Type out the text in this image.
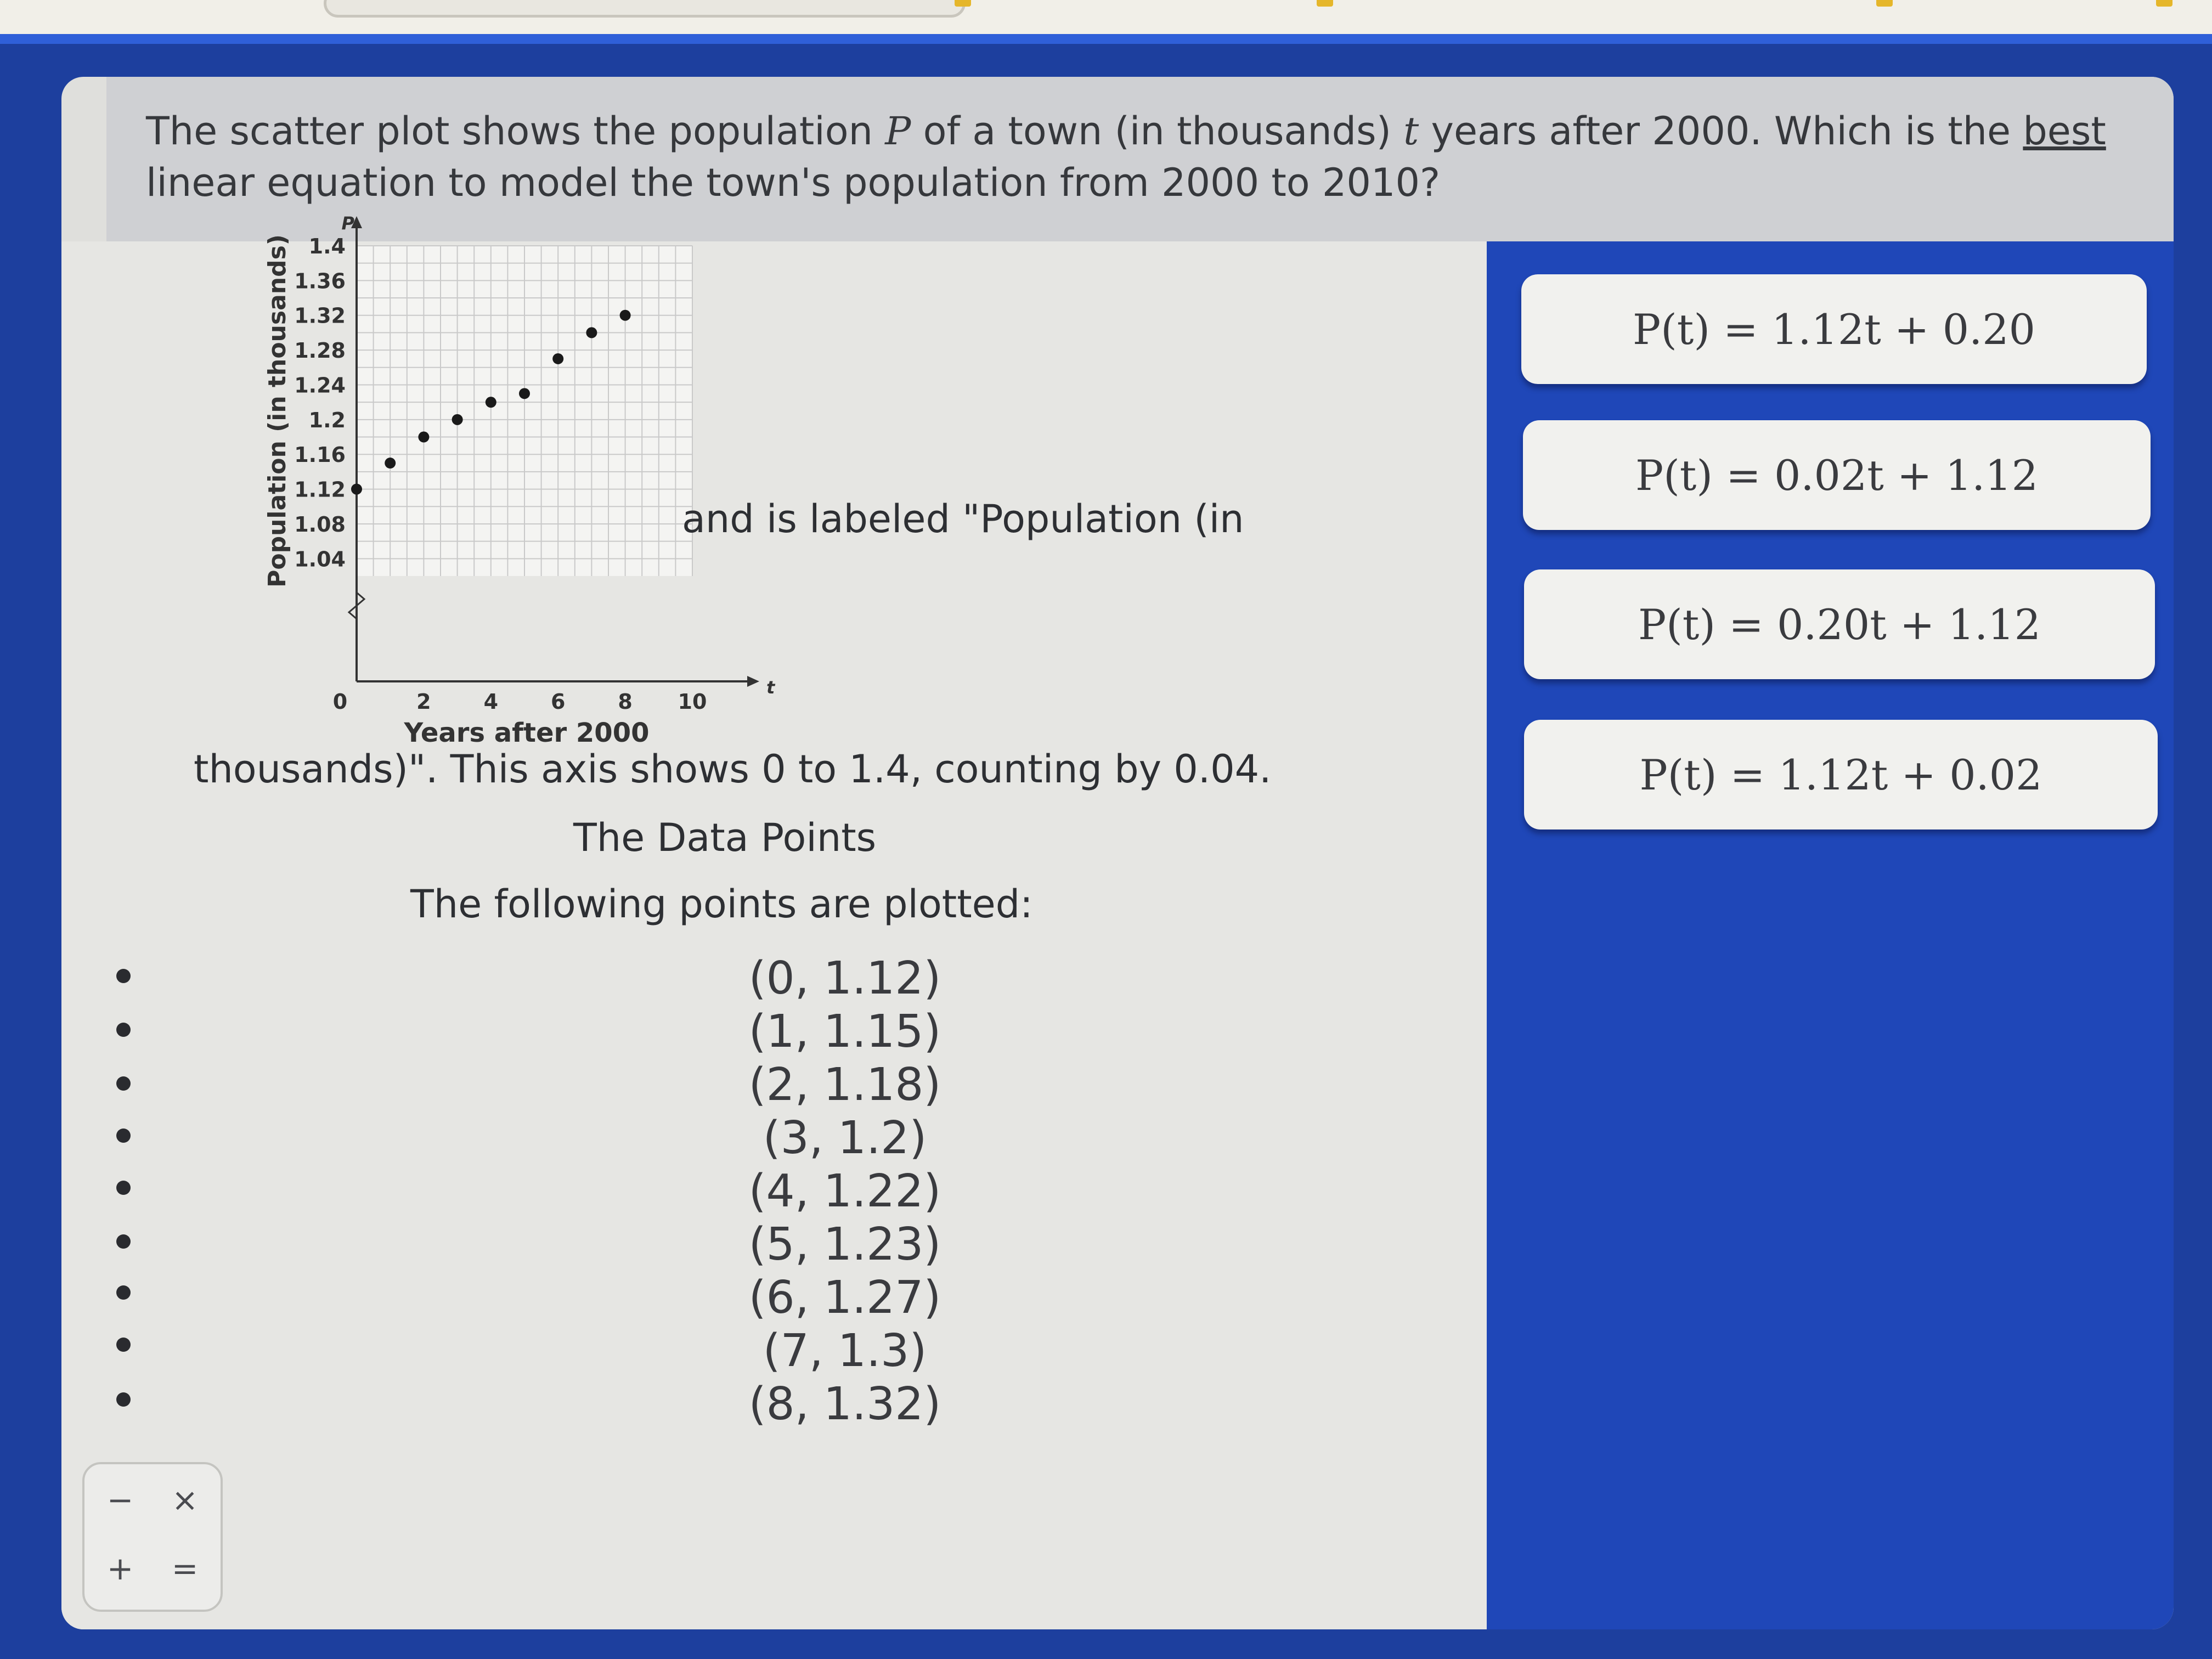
The scatter plot shows the population P of a town (in thousands) t years after 2000. Which is the best linear equation to model the town's population from 2000 to 2010?
1.04
1.08
1.12
1.16
1.2
1.24
1.28
1.32
1.36
1.4
0	2	4	6	8 10
P
t
Years after 2000
Population (in thousands)	and is labeled "Population (in
thousands)". This axis shows 0 to 1.4, counting by 0.04.
The Data Points
The following points are plotted:
(0, 1.12)
(1, 1.15)
(2, 1.18)
(3, 1.2)
(4, 1.22)
(5, 1.23)
(6, 1.27)
(7, 1.3)
(8, 1.32)
P(t) = 1.12t + 0.20
P(t) = 0.02t + 1.12
P(t) = 0.20t + 1.12
P(t) = 1.12t + 0.02
−	×
+	=
